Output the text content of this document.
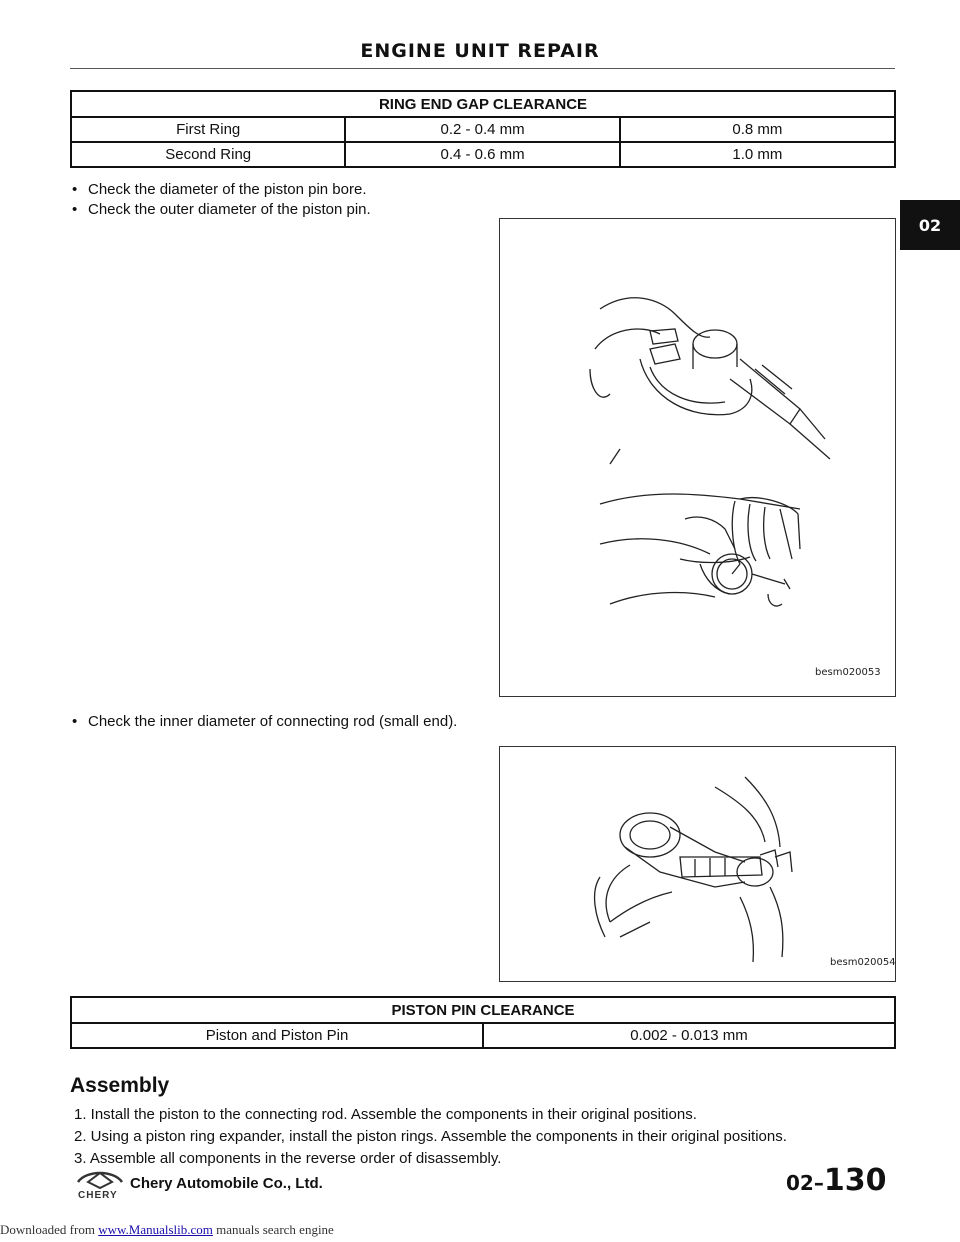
ENGINE UNIT REPAIR
02
RING END GAP CLEARANCE		
First Ring	0.2 - 0.4 mm	0.8 mm
Second Ring	0.4 - 0.6 mm	1.0 mm
• Check the diameter of the piston pin bore.
• Check the outer diameter of the piston pin.
besm020053
• Check the inner diameter of connecting rod (small end).
besm020054
PISTON PIN CLEARANCE
Piston and Piston Pin	0.002 - 0.013 mm
Assembly
1. Install the piston to the connecting rod. Assemble the components in their original positions.
2. Using a piston ring expander, install the piston rings. Assemble the components in their original positions.
3. Assemble all components in the reverse order of disassembly.
CHERY
Chery Automobile Co., Ltd.	02–130
Downloaded from www.Manualslib.com manuals search engine
